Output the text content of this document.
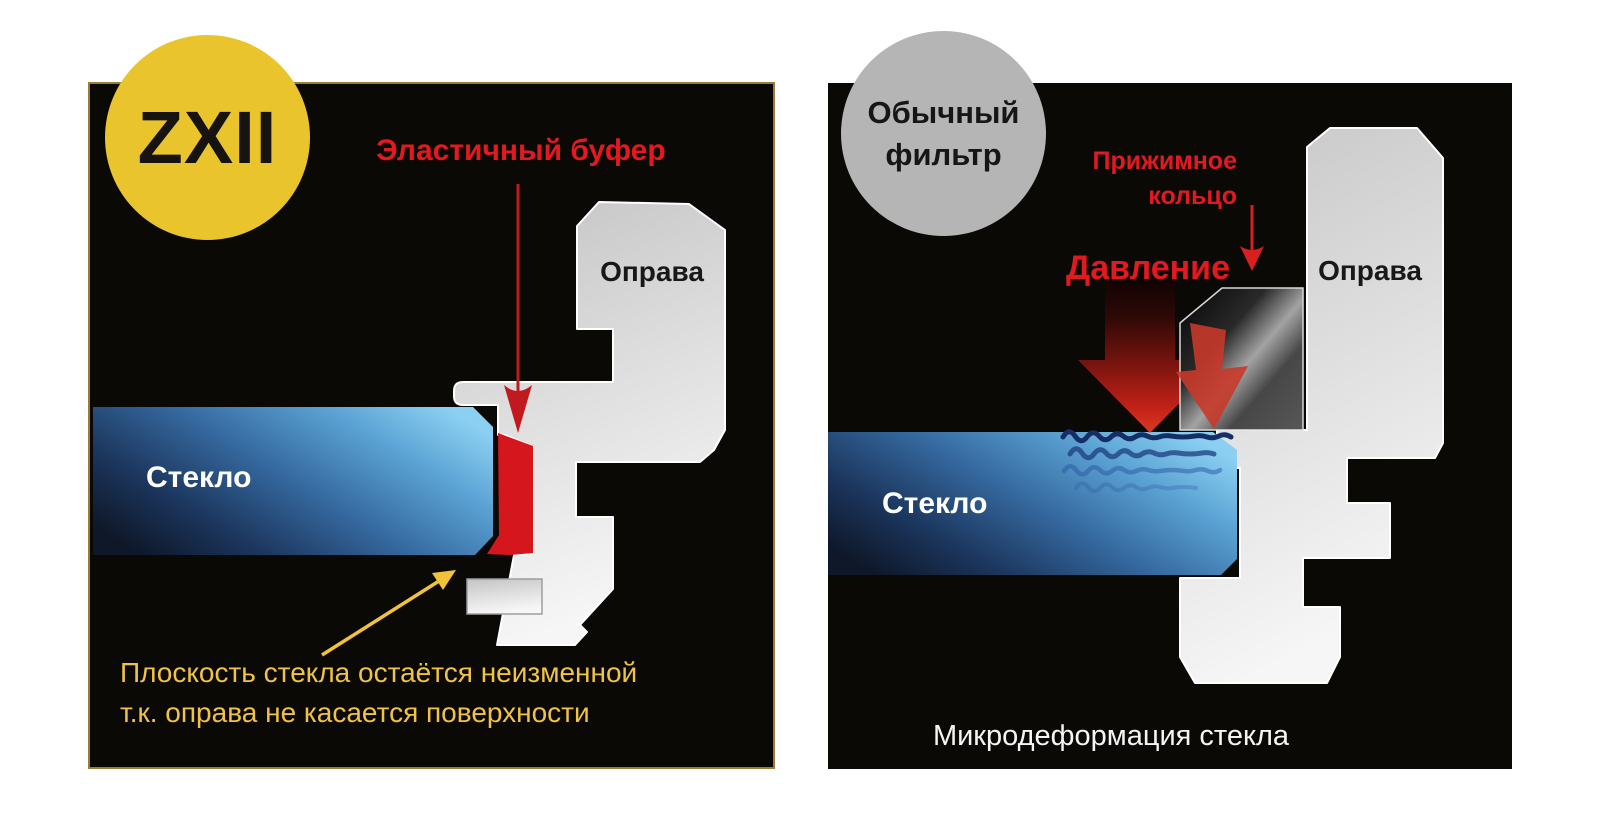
ZXII	Эластичный буфер
Оправа
Стекло
Плоскость стекла остаётся неизменной
т.к. оправа не касается поверхности
Обычный
фильтр	Прижимное
кольцо
Давление	Оправа
Стекло
Микродеформация стекла
